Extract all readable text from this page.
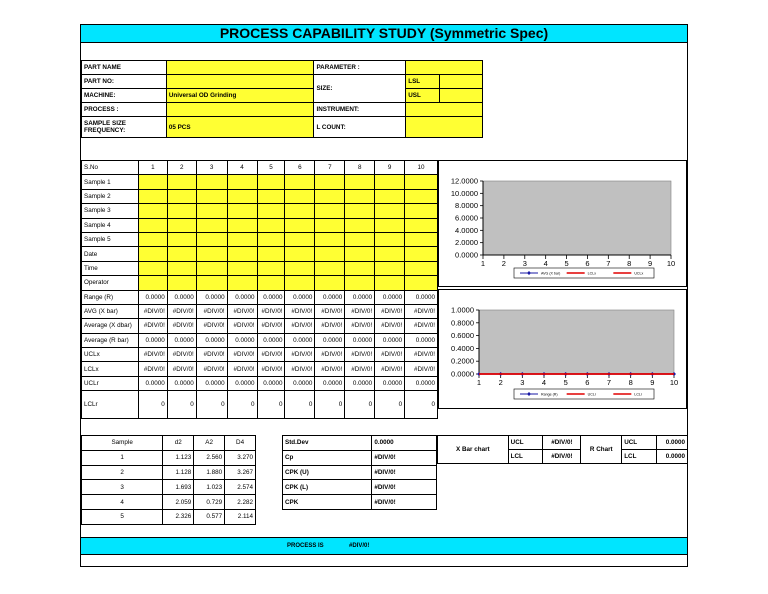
PROCESS CAPABILITY STUDY (Symmetric Spec)
PART NAME		PARAMETER :		
PART NO:		SIZE:	LSL	
MACHINE:	Universal OD Grinding		USL	
PROCESS :		INSTRUMENT:		
SAMPLE SIZE
FREQUENCY:	05 PCS	L COUNT:		
S.No	1	2	3	4	5	6	7	8	9	10
Sample 1										
Sample 2										
Sample 3										
Sample 4										
Sample 5										
Date										
Time										
Operator										
Range (R)	0.0000	0.0000	0.0000	0.0000	0.0000	0.0000	0.0000	0.0000	0.0000	0.0000
AVG (X bar)	#DIV/0!	#DIV/0!	#DIV/0!	#DIV/0!	#DIV/0!	#DIV/0!	#DIV/0!	#DIV/0!	#DIV/0!	#DIV/0!
Average (X dbar)	#DIV/0!	#DIV/0!	#DIV/0!	#DIV/0!	#DIV/0!	#DIV/0!	#DIV/0!	#DIV/0!	#DIV/0!	#DIV/0!
Average (R bar)	0.0000	0.0000	0.0000	0.0000	0.0000	0.0000	0.0000	0.0000	0.0000	0.0000
UCLx	#DIV/0!	#DIV/0!	#DIV/0!	#DIV/0!	#DIV/0!	#DIV/0!	#DIV/0!	#DIV/0!	#DIV/0!	#DIV/0!
LCLx	#DIV/0!	#DIV/0!	#DIV/0!	#DIV/0!	#DIV/0!	#DIV/0!	#DIV/0!	#DIV/0!	#DIV/0!	#DIV/0!
UCLr	0.0000	0.0000	0.0000	0.0000	0.0000	0.0000	0.0000	0.0000	0.0000	0.0000
LCLr	0	0	0	0	0	0	0	0	0	0
0.0000
2.0000
4.0000
6.0000
8.0000
10.0000
12.0000
1 2 3 4 5 6 7 8 9 10
AVG (X bar)	LCLx	UCLx
0.0000
0.2000
0.4000
0.6000
0.8000
1.0000
1 2 3 4 5 6 7 8 9 10
Range (R)	UCLr	LCLr
Sample	d2	A2	D4
1	1.123	2.560	3.270
2	1.128	1.880	3.267
3	1.693	1.023	2.574
4	2.059	0.729	2.282
5	2.326	0.577	2.114
Std.Dev	0.0000
Cp	#DIV/0!
CPK (U)	#DIV/0!
CPK (L)	#DIV/0!
CPK	#DIV/0!
X Bar chart	UCL	#DIV/0!	R Chart	UCL	0.0000
	LCL	#DIV/0!		LCL	0.0000
PROCESS IS	#DIV/0!
